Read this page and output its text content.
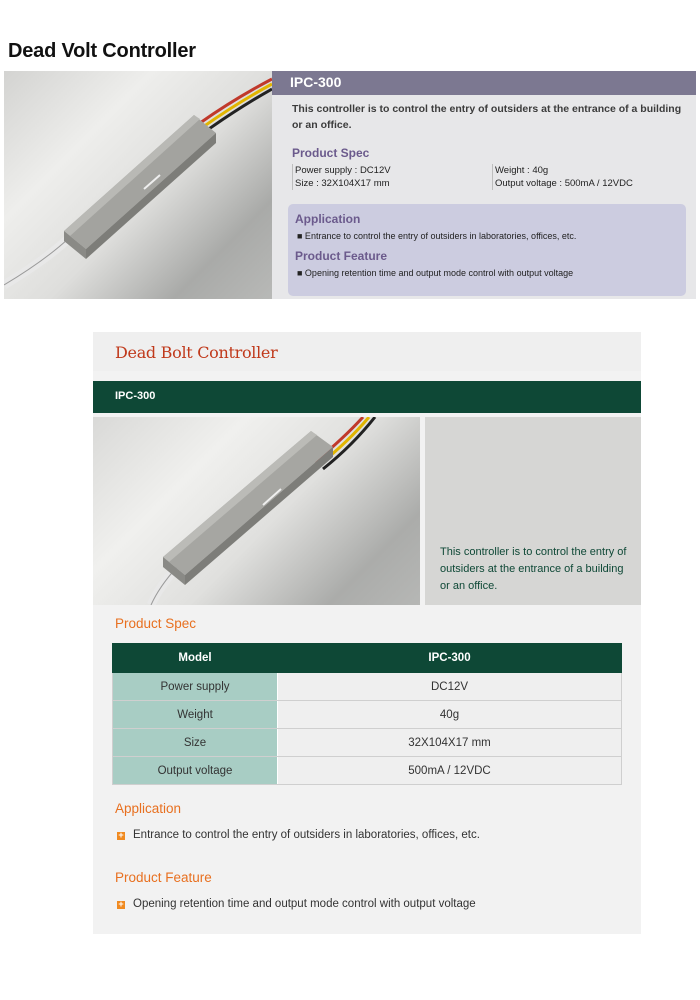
Dead Volt Controller
IPC-300
This controller is to control the entry of outsiders at the entrance of a building or an office.
Product Spec
Power supply : DC12V
Size : 32X104X17 mm
Weight : 40g
Output voltage : 500mA / 12VDC
Application
■ Entrance to control the entry of outsiders in laboratories, offices, etc.
Product Feature
■ Opening retention time and output mode control with output voltage
Dead Bolt Controller
IPC-300
This controller is to control the entry of outsiders at the entrance of a building or an office.
Product Spec
Model	IPC-300
Power supply	DC12V
Weight	40g
Size	32X104X17 mm
Output voltage	500mA / 12VDC
Application
+
Entrance to control the entry of outsiders in laboratories, offices, etc.
Product Feature
+
Opening retention time and output mode control with output voltage
